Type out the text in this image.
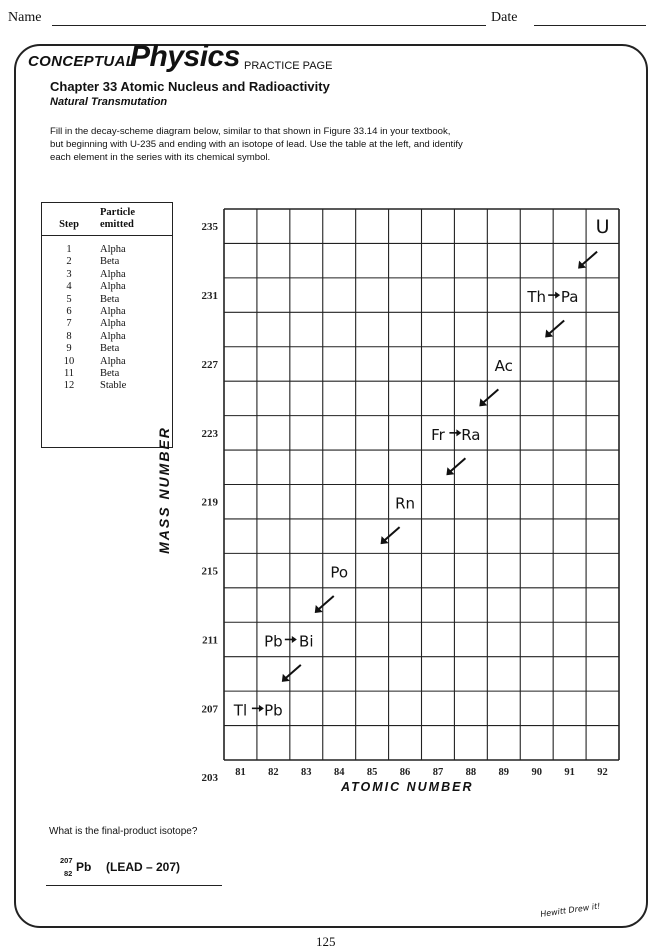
Name	Date
CONCEPTUAL
Physics PRACTICE PAGE
Chapter 33 Atomic Nucleus and Radioactivity
Natural Transmutation
Fill in the decay-scheme diagram below, similar to that shown in Figure 33.14 in your textbook,
but beginning with U-235 and ending with an isotope of lead. Use the table at the left, and identify
each element in the series with its chemical symbol.
Step	Particle
emitted

1	Alpha
2	Beta
3	Alpha
4	Alpha
5	Beta
6	Alpha
7	Alpha
8	Alpha
9	Beta
10	Alpha
11	Beta
12	Stable
235
231
227
223
219
215
211
207
203 81 82 83 84 85 86 87 88 89 90 91 92
U
Th Pa
Ac
Fr Ra
Rn
Po
Pb Bi
Tl Pb
MASS NUMBER
ATOMIC NUMBER
What is the final-product isotope?
207
82 Pb (LEAD – 207)
Hewitt Drew it!
125
